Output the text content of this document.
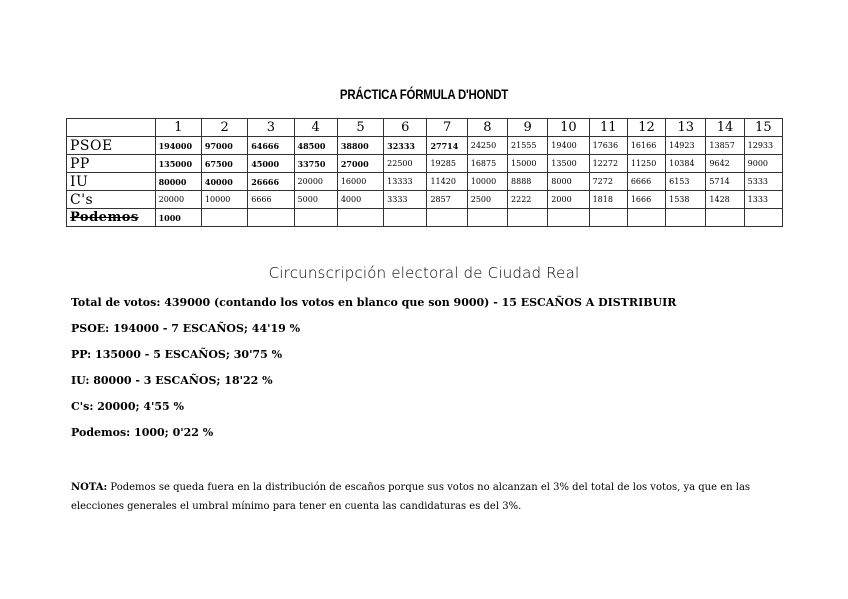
PRÁCTICA FÓRMULA D'HONDT
	1	2	3	4	5	6	7	8	9	10	11	12	13	14	15
PSOE	194000	97000	64666	48500	38800	32333	27714	24250	21555	19400	17636	16166	14923	13857	12933
PP	135000	67500	45000	33750	27000	22500	19285	16875	15000	13500	12272	11250	10384	9642	9000
IU	80000	40000	26666	20000	16000	13333	11420	10000	8888	8000	7272	6666	6153	5714	5333
C's	20000	10000	6666	5000	4000	3333	2857	2500	2222	2000	1818	1666	1538	1428	1333
Podemos	1000														
Circunscripción electoral de Ciudad Real
Total de votos: 439000 (contando los votos en blanco que son 9000) - 15 ESCAÑOS A DISTRIBUIR
PSOE: 194000 - 7 ESCAÑOS; 44'19 %
PP: 135000 - 5 ESCAÑOS; 30'75 %
IU: 80000 - 3 ESCAÑOS; 18'22 %
C's: 20000; 4'55 %
Podemos: 1000; 0'22 %
NOTA: Podemos se queda fuera en la distribución de escaños porque sus votos no alcanzan el 3% del total de los votos, ya que en las elecciones generales el umbral mínimo para tener en cuenta las candidaturas es del 3%.
